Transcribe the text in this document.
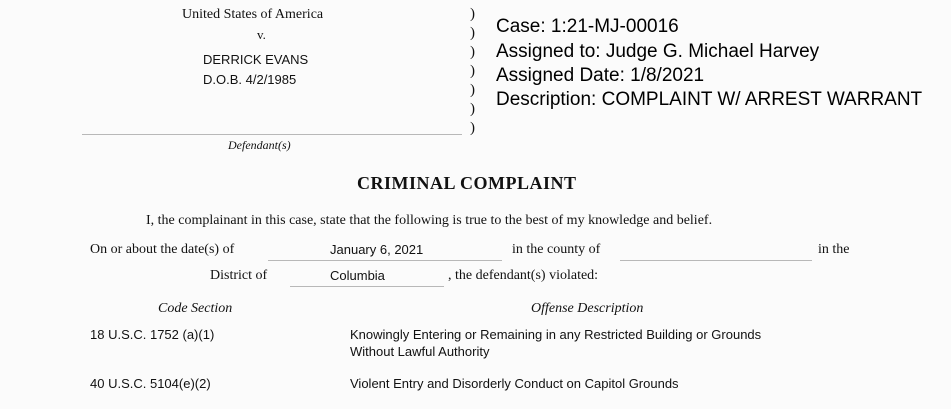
United States of America
v.
DERRICK EVANS
D.O.B. 4/2/1985
Defendant(s)
)
)
)
)
)
)
)
Case: 1:21-MJ-00016
Assigned to: Judge G. Michael Harvey
Assigned Date: 1/8/2021
Description: COMPLAINT W/ ARREST WARRANT
CRIMINAL COMPLAINT
I, the complainant in this case, state that the following is true to the best of my knowledge and belief.
On or about the date(s) of	January 6, 2021	in the county of	in the
District of	Columbia	, the defendant(s) violated:
Code Section	Offense Description
18 U.S.C. 1752 (a)(1)	Knowingly Entering or Remaining in any Restricted Building or Grounds
Without Lawful Authority
40 U.S.C. 5104(e)(2)	Violent Entry and Disorderly Conduct on Capitol Grounds
